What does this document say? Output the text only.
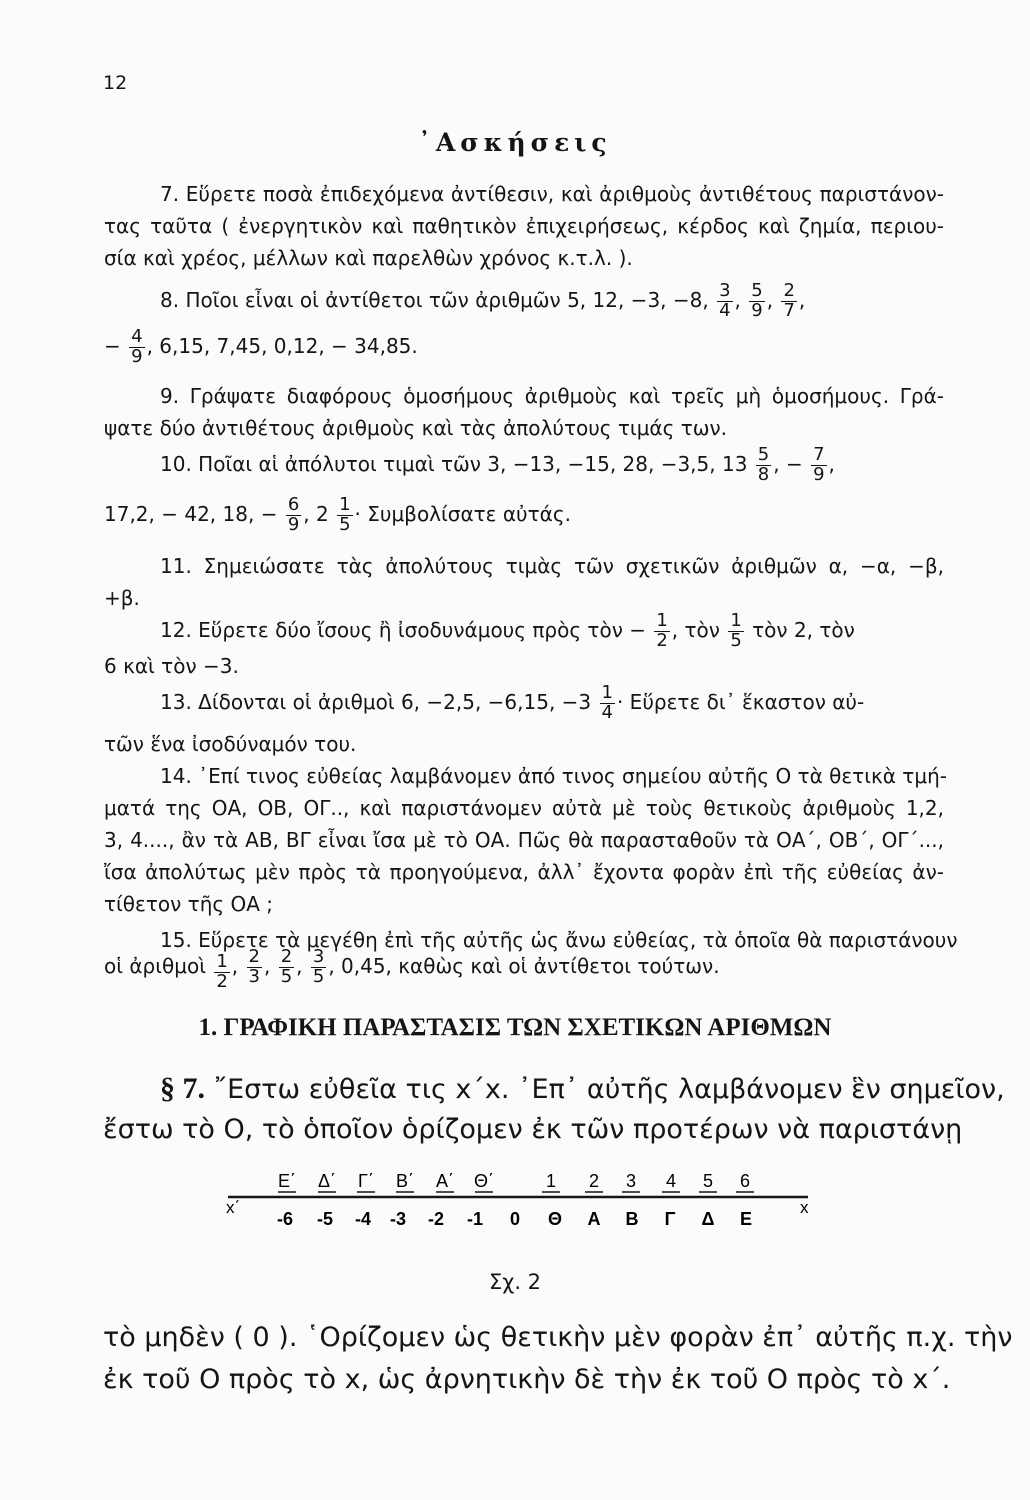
12
᾿Ασκήσεις
7. Εὕρετε ποσὰ ἐπιδεχόμενα ἀντίθεσιν, καὶ ἀριθμοὺς ἀντιθέτους παριστάνον-
τας ταῦτα ( ἐνεργητικὸν καὶ παθητικὸν ἐπιχειρήσεως, κέρδος καὶ ζημία, περιου-
σία καὶ χρέος, μέλλων καὶ παρελθὼν χρόνος κ.τ.λ. ).
8. Ποῖοι εἶναι οἱ ἀντίθετοι τῶν ἀριθμῶν 5, 12, −3, −8, $\frac{3}{4}$ , $\frac{5}{9}$ , $\frac{2}{7}$ ,
− $\frac{4}{9}$ , 6,15, 7,45, 0,12, − 34,85.
9. Γράψατε διαφόρους ὁμοσήμους ἀριθμοὺς καὶ τρεῖς μὴ ὁμοσήμους. Γρά-
ψατε δύο ἀντιθέτους ἀριθμοὺς καὶ τὰς ἀπολύτους τιμάς των.
10. Ποῖαι αἱ ἀπόλυτοι τιμαὶ τῶν 3, −13, −15, 28, −3,5, $13 \frac{5}{8}$ , − $\frac{7}{9}$ ,
17,2, − 42, 18, − $\frac{6}{9}$ , $2 \frac{1}{5} \cdot \Sigma\upsilon\mu\beta o\lambda ί\sigma\alpha\tau\varepsilon$ αὐτάς.
11. Σημειώσατε τὰς ἀπολύτους τιμὰς τῶν σχετικῶν ἀριθμῶν α, −α, −β,
+β.
12. Εὕρετε δύο ἴσους ἢ ἰσοδυνάμους πρὸς τὸν − $\frac{1}{2}$ , τὸν $\frac{1}{5}$ τὸν 2, τὸν
6 καὶ τὸν −3.
13. Δίδονται οἱ ἀριθμοὶ 6, −2,5, −6,15, $-3 \frac{1}{4}$ · Εὕρετε δι᾿ ἕκαστον αὐ-
τῶν ἕνα ἰσοδύναμόν του.
14. ᾿Επί τινος εὐθείας λαμβάνομεν ἀπό τινος σημείου αὐτῆς Ο τὰ θετικὰ τμή-
ματά της ΟΑ, ΟΒ, ΟΓ.., καὶ παριστάνομεν αὐτὰ μὲ τοὺς θετικοὺς ἀριθμοὺς 1,2,
3, 4...., ἂν τὰ ΑΒ, ΒΓ εἶναι ἴσα μὲ τὸ ΟΑ. Πῶς θὰ παρασταθοῦν τὰ ΟΑ΄, ΟΒ΄, ΟΓ΄...,
ἴσα ἀπολύτως μὲν πρὸς τὰ προηγούμενα, ἀλλ᾿ ἔχοντα φορὰν ἐπὶ τῆς εὐθείας ἀν-
τίθετον τῆς ΟΑ ;
15. Εὕρετε τὰ μεγέθη ἐπὶ τῆς αὐτῆς ὡς ἄνω εὐθείας, τὰ ὁποῖα θὰ παριστάνουν
οἱ ἀριθμοὶ $\frac{1}{2}$ , $\frac{2}{3}$ , $\frac{2}{5}$ , $\frac{3}{5}$ , 0,45, καθὼς καὶ οἱ ἀντίθετοι τούτων.
1. ΓΡΑΦΙΚΗ ΠΑΡΑΣΤΑΣΙΣ ΤΩΝ ΣΧΕΤΙΚΩΝ ΑΡΙΘΜΩΝ
§ 7. ῎Εστω εὐθεῖα τις x΄x. ᾿Επ᾿ αὐτῆς λαμβάνομεν ἓν σημεῖον,
ἔστω τὸ Ο, τὸ ὁποῖον ὁρίζομεν ἐκ τῶν προτέρων νὰ παριστάνῃ
x΄	x
Ε΄ Δ΄ Γ΄ Β΄ Α΄ Θ΄	1 2 3 4 5 6
-6 -5 -4 -3 -2 -1 0 Θ Α Β Γ Δ Ε
Σχ. 2
τὸ μηδὲν ( 0 ). ῾Ορίζομεν ὡς θετικὴν μὲν φορὰν ἐπ᾿ αὐτῆς π.χ. τὴν
ἐκ τοῦ Ο πρὸς τὸ x, ὡς ἀρνητικὴν δὲ τὴν ἐκ τοῦ Ο πρὸς τὸ x΄.
